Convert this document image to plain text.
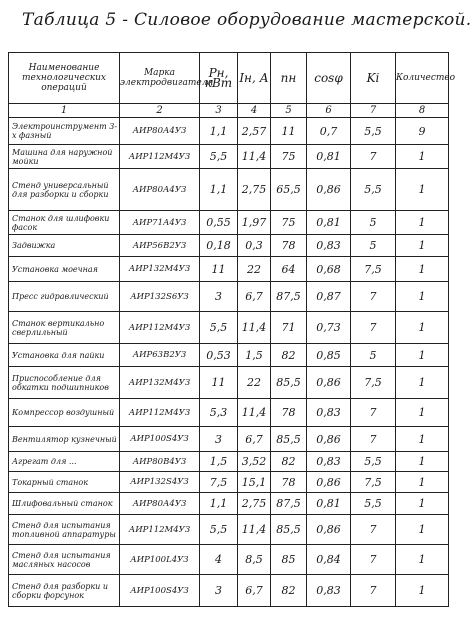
Таблица 5 - Силовое оборудование мастерской.
Наименование технологических операций	Марка электродвигателя	Pн, кВт	Iн, А	nн	cosφ	Ki	Количество
1	2	3	4	5	6	7	8
Электроинструмент 3-х фазный	АИР80А4У3	1,1	2,57	11	0,7	5,5	9
Машина для наружной мойки	АИР112М4У3	5,5	11,4	75	0,81	7	1
Стенд универсальный для разборки и сборки	АИР80А4У3	1,1	2,75	65,5	0,86	5,5	1
Станок для шлифовки фасок	АИР71А4У3	0,55	1,97	75	0,81	5	1
Задвижка	АИР56В2У3	0,18	0,3	78	0,83	5	1
Установка моечная	АИР132М4У3	11	22	64	0,68	7,5	1
Пресс гидравлический	АИР132S6У3	3	6,7	87,5	0,87	7	1
Станок вертикально сверлильный	АИР112М4У3	5,5	11,4	71	0,73	7	1
Установка для пайки	АИР63В2У3	0,53	1,5	82	0,85	5	1
Приспособление для обкатки подшипников	АИР132М4У3	11	22	85,5	0,86	7,5	1
Компрессор воздушный	АИР112М4У3	5,3	11,4	78	0,83	7	1
Вентилятор кузнечный	АИР100S4У3	3	6,7	85,5	0,86	7	1
Агрегат для ...	АИР80В4У3	1,5	3,52	82	0,83	5,5	1
Токарный станок	АИР132S4У3	7,5	15,1	78	0,86	7,5	1
Шлифовальный станок	АИР80А4У3	1,1	2,75	87,5	0,81	5,5	1
Стенд для испытания топливной аппаратуры	АИР112М4У3	5,5	11,4	85,5	0,86	7	1
Стенд для испытания масляных насосов	АИР100L4У3	4	8,5	85	0,84	7	1
Стенд для разборки и сборки форсунок	АИР100S4У3	3	6,7	82	0,83	7	1
